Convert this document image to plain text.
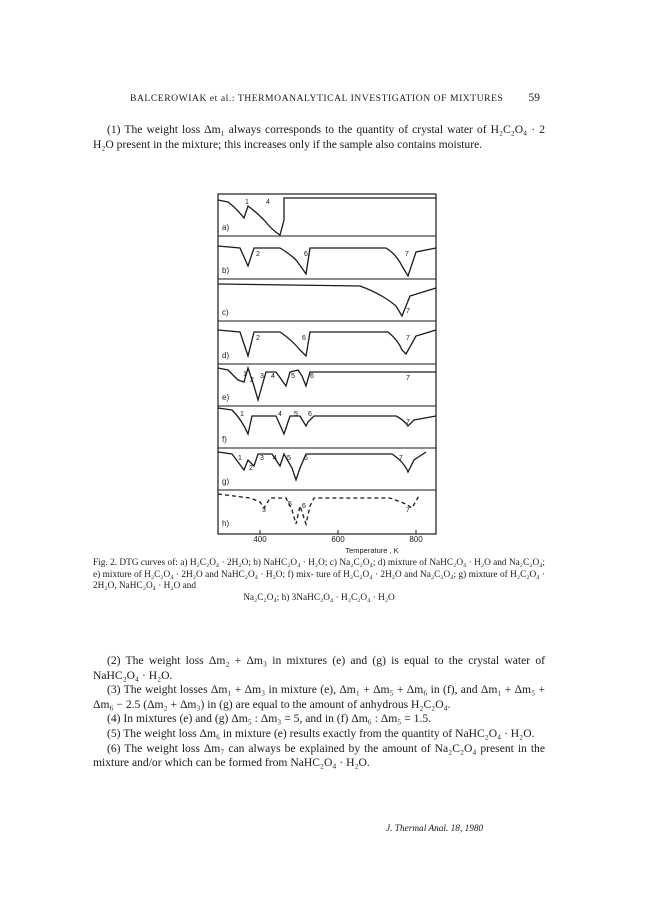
BALCEROWIAK et al.: THERMOANALYTICAL INVESTIGATION OF MIXTURES 59

(1) The weight loss Δm₁ always corresponds to the quantity of crystal water of H₂C₂O₄ · 2 H₂O present in the mixture; this increases only if the sample also contains moisture.

a)
b)
c)
d)
e)
f)
g)
h)
1 4
2	6	7
7
2	6	7
1
2
3 4 5 6	7
1	4 5 6
7
1
2
3 4 5 6	7
3
5 6
7
400	600	800
Temperature , K
Fig. 2. DTG curves of: a) H₂C₂O₄ · 2H₂O; b) NaHC₂O₄ · H₂O; c) Na₂C₂O₄; d) mixture of NaHC₂O₄ · H₂O and Na₂C₂O₄; e) mixture of H₂C₂O₄ · 2H₂O and NaHC₂O₄ · H₂O; f) mix- ture of H₂C₂O₄ · 2H₂O and Na₂C₂O₄; g) mixture of H₂C₂O₄ · 2H₂O, NaHC₂O₄ · H₂O and
Na₂C₂O₄; h) 3NaHC₂O₄ · H₂C₂O₄ · H₂O

(2) The weight loss Δm₂ + Δm₃ in mixtures (e) and (g) is equal to the crystal water of NaHC₂O₄ · H₂O.

(3) The weight losses Δm₁ + Δm₃ in mixture (e), Δm₁ + Δm₅ + Δm₆ in (f), and Δm₁ + Δm₅ + Δm₆ − 2.5 (Δm₂ + Δm₃) in (g) are equal to the amount of anhydrous H₂C₂O₄.

(4) In mixtures (e) and (g) Δm₅ : Δm₃ = 5, and in (f) Δm₆ : Δm₅ = 1.5.

(5) The weight loss Δm₆ in mixture (e) results exactly from the quantity of NaHC₂O₄ · H₂O.

(6) The weight loss Δm₇ can always be explained by the amount of Na₂C₂O₄ present in the mixture and/or which can be formed from NaHC₂O₄ · H₂O.

J. Thermal Anal. 18, 1980
